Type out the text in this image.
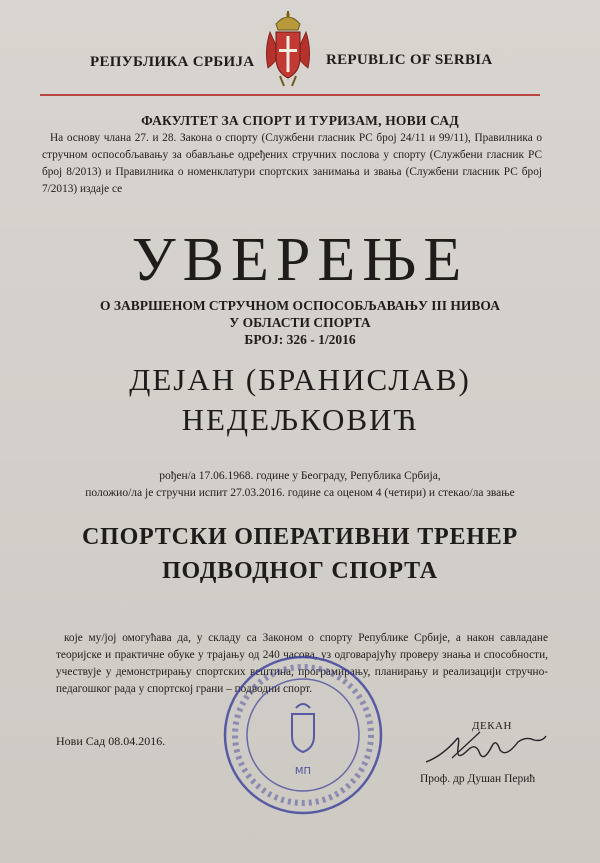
РЕПУБЛИКА СРБИЈА	REPUBLIC OF SERBIA
ФАКУЛТЕТ ЗА СПОРТ И ТУРИЗАМ, НОВИ САД
На основу члана 27. и 28. Закона о спорту (Службени гласник РС број 24/11 и 99/11), Правилника о стручном оспособљавању за обављање одређених стручних послова у спорту (Службени гласник РС број 8/2013) и Правилника о номенклатури спортских занимања и звања (Службени гласник РС број 7/2013) издаје се
УВЕРЕЊЕ
О ЗАВРШЕНОМ СТРУЧНОМ ОСПОСОБЉАВАЊУ III НИВОА
У ОБЛАСТИ СПОРТА
БРОЈ: 326 - 1/2016
ДЕЈАН (БРАНИСЛАВ)
НЕДЕЉКОВИЋ
рођен/а 17.06.1968. године у Београду, Република Србија,
положио/ла је стручни испит 27.03.2016. године са оценом 4 (четири) и стекао/ла звање
СПОРТСКИ ОПЕРАТИВНИ ТРЕНЕР
ПОДВОДНОГ СПОРТА
које му/јој омогућава да, у складу са Законом о спорту Републике Србије, а након савладане теоријске и практичне обуке у трајању од 240 часова, уз одговарајућу проверу знања и способности, учествује у демонстрирању спортских вештина, програмирању, планирању и реализацији стручно-педагошког рада у спортској грани – подводни спорт.
МП
Нови Сад 08.04.2016.
ДЕКАН
Проф. др Душан Перић
